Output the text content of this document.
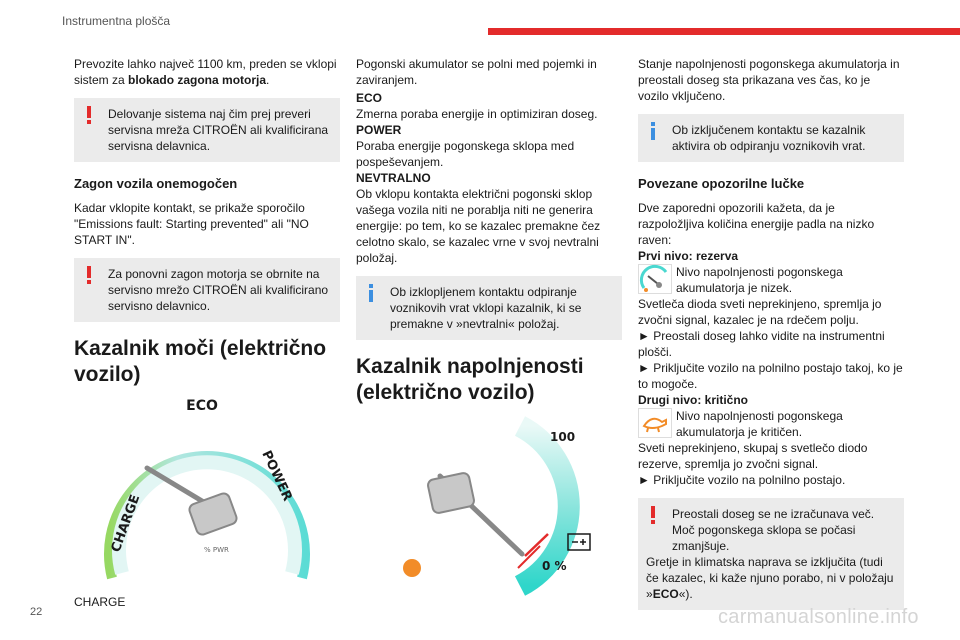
Instrumentna plošča

Prevozite lahko največ 1100 km, preden se vklopi sistem za blokado zagona motorja.

Delovanje sistema naj čim prej preveri servisna mreža CITROËN ali kvalificirana servisna delavnica.
Zagon vozila onemogočen

Kadar vklopite kontakt, se prikaže sporočilo "Emissions fault: Starting prevented" ali "NO START IN".

Za ponovni zagon motorja se obrnite na servisno mrežo CITROËN ali kvalificirano servisno delavnico.
Kazalnik moči (električno vozilo)
ECO
CHARGE
POWER
% PWR
CHARGE

Pogonski akumulator se polni med pojemki in zaviranjem.

ECO
Zmerna poraba energije in optimiziran doseg.
POWER
Poraba energije pogonskega sklopa med pospeševanjem.
NEVTRALNO

Ob vklopu kontakta električni pogonski sklop vašega vozila niti ne porablja niti ne generira energije: po tem, ko se kazalec premakne čez celotno skalo, se kazalec vrne v svoj nevtralni položaj.

Ob izklopljenem kontaktu odpiranje voznikovih vrat vklopi kazalnik, ki se premakne v »nevtralni« položaj.
Kazalnik napolnjenosti (električno vozilo)
100
0 %

Stanje napolnjenosti pogonskega akumulatorja in preostali doseg sta prikazana ves čas, ko je vozilo vključeno.

Ob izključenem kontaktu se kazalnik aktivira ob odpiranju voznikovih vrat.
Povezane opozorilne lučke
Dve zaporedni opozorili kažeta, da je razpoložljiva količina energije padla na nizko raven:
Prvi nivo: rezerva
Nivo napolnjenosti pogonskega akumulatorja je nizek.
Svetleča dioda sveti neprekinjeno, spremlja jo zvočni signal, kazalec je na rdečem polju.
► Preostali doseg lahko vidite na instrumentni plošči.
► Priključite vozilo na polnilno postajo takoj, ko je to mogoče.
Drugi nivo: kritično
Nivo napolnjenosti pogonskega akumulatorja je kritičen.
Sveti neprekinjeno, skupaj s svetlečo diodo rezerve, spremlja jo zvočni signal.
► Priključite vozilo na polnilno postajo.
Preostali doseg se ne izračunava več.
Moč pogonskega sklopa se počasi zmanjšuje.
Gretje in klimatska naprava se izključita (tudi če kazalec, ki kaže njuno porabo, ni v položaju »ECO«).
22	carmanualsonline.info
